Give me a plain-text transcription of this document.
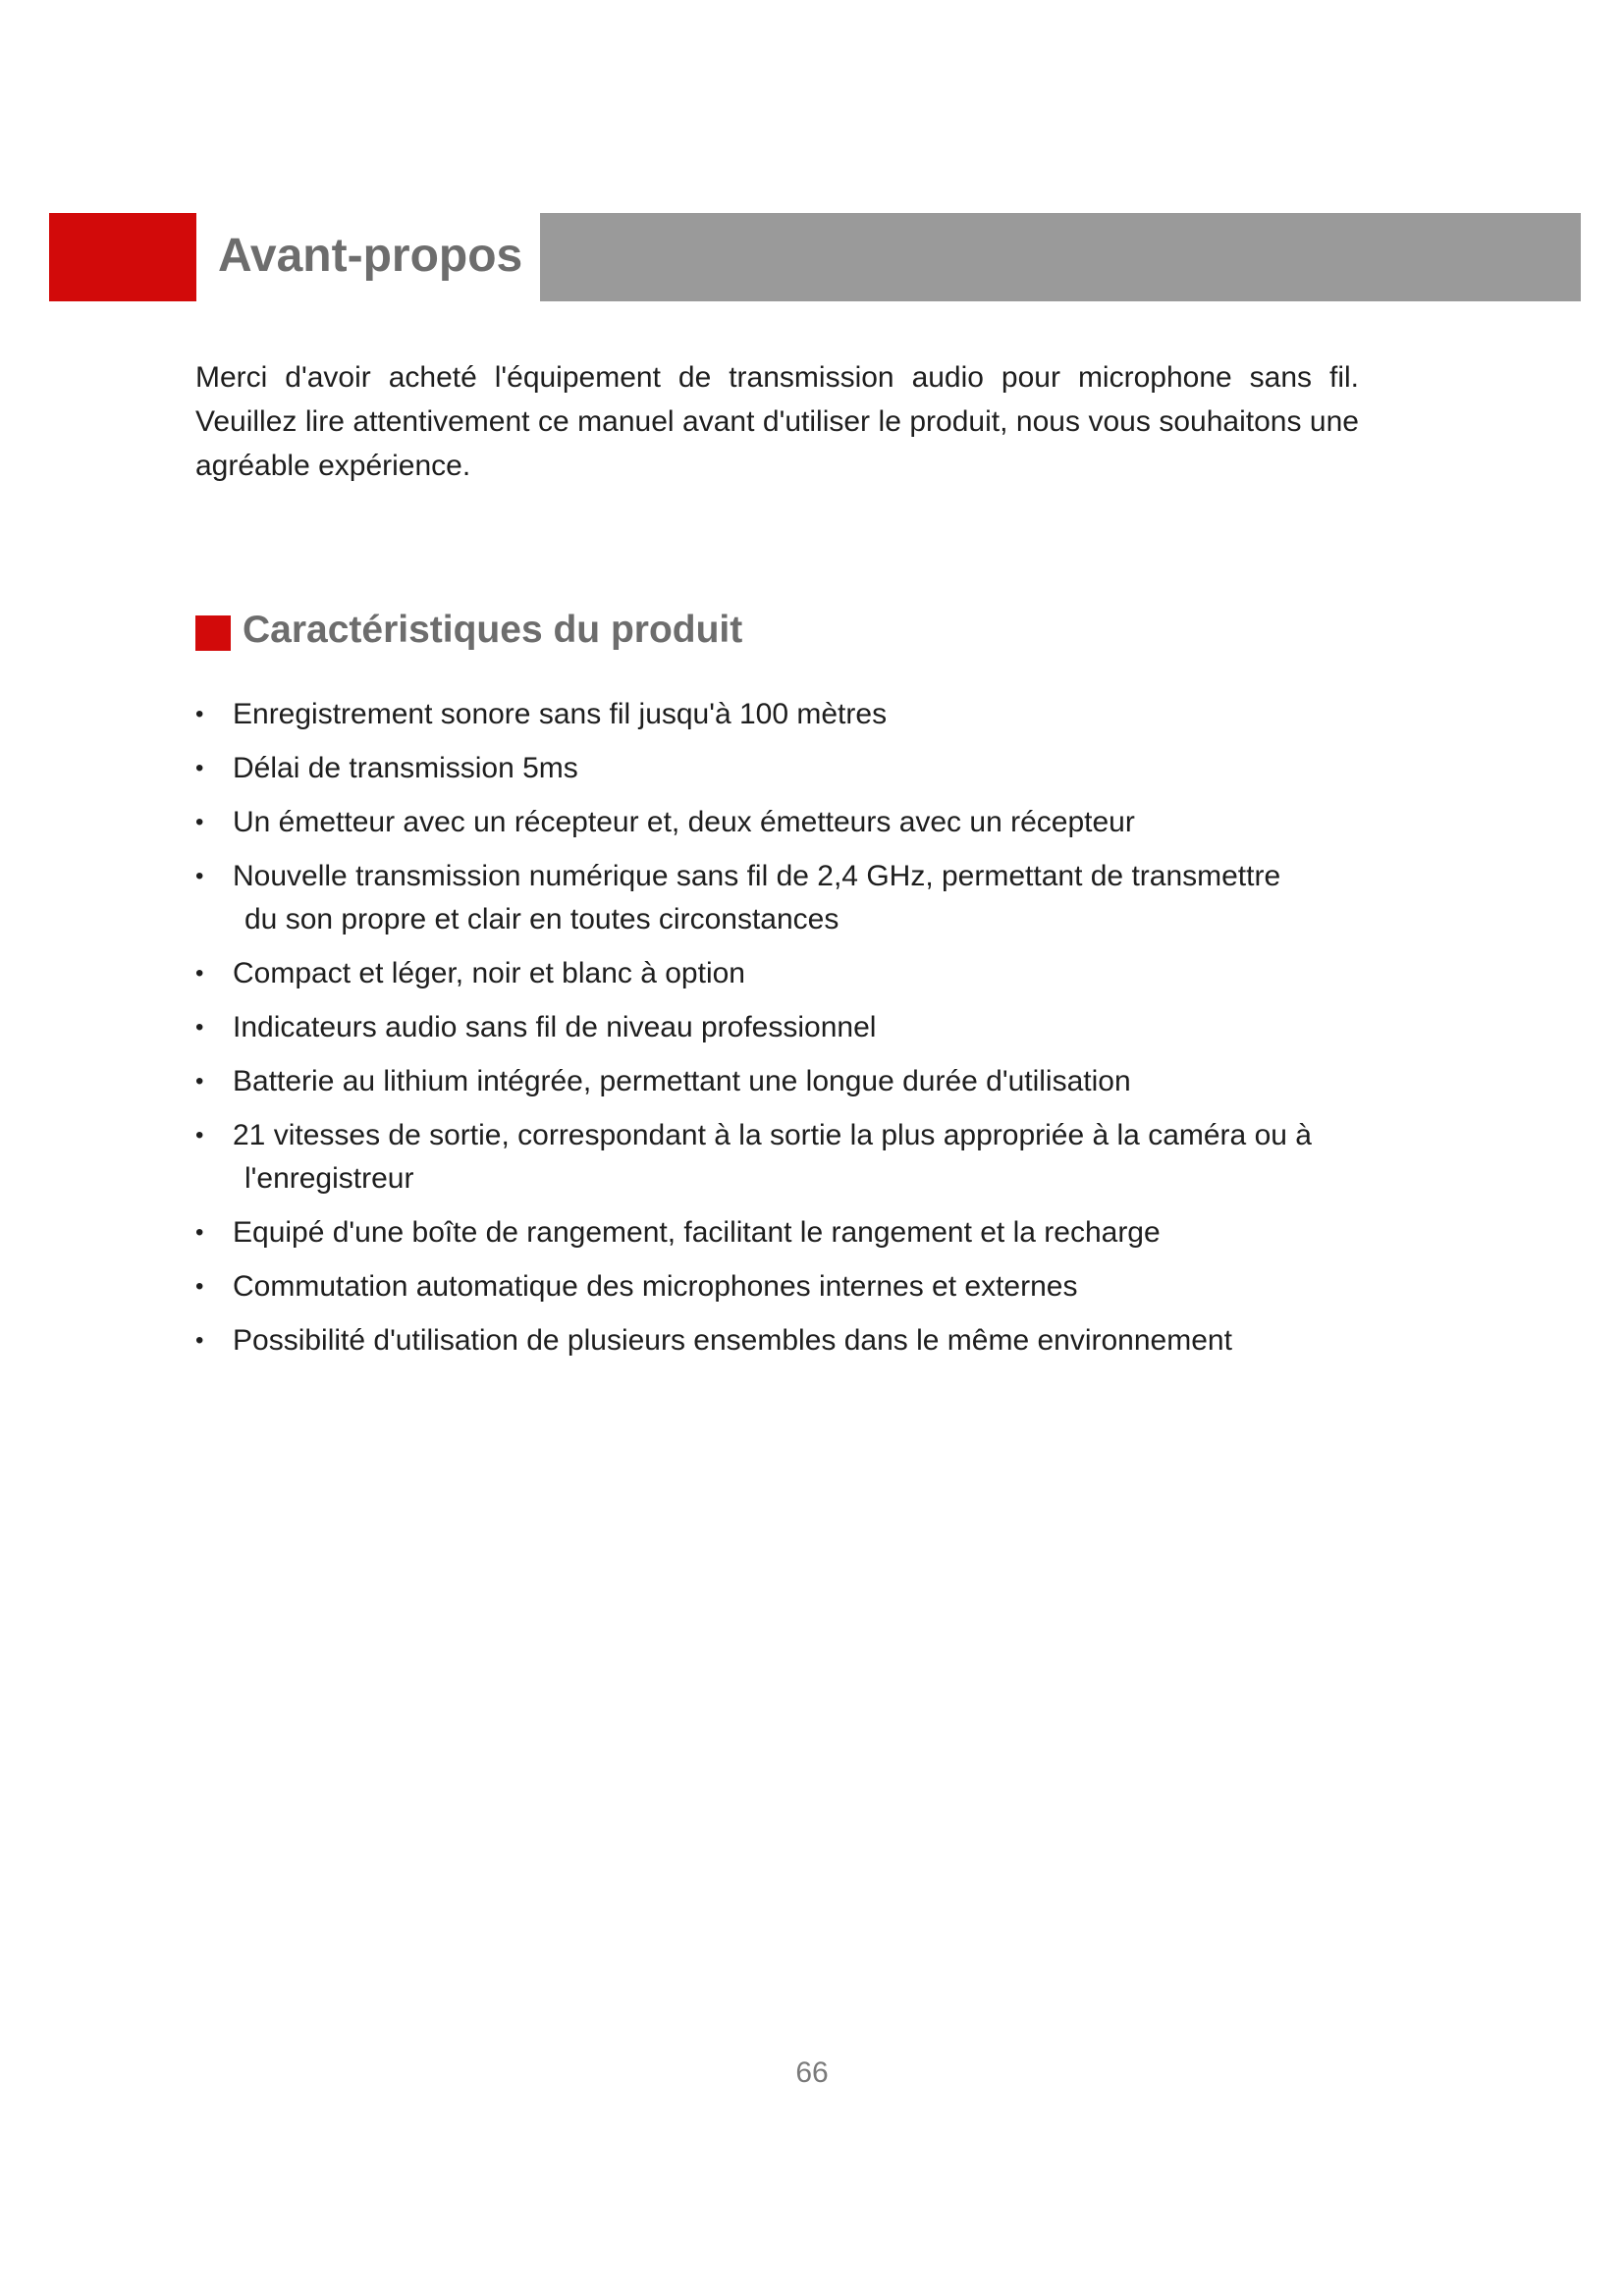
Avant-propos

Merci d'avoir acheté l'équipement de transmission audio pour microphone sans fil. Veuillez lire attentivement ce manuel avant d'utiliser le produit, nous vous souhaitons une agréable expérience.

Caractéristiques du produit
• Enregistrement sonore sans fil jusqu'à 100 mètres
• Délai de transmission 5ms
• Un émetteur avec un récepteur et, deux émetteurs avec un récepteur
• Nouvelle transmission numérique sans fil de 2,4 GHz, permettant de transmettre
du son propre et clair en toutes circonstances
• Compact et léger, noir et blanc à option
• Indicateurs audio sans fil de niveau professionnel
• Batterie au lithium intégrée, permettant une longue durée d'utilisation
• 21 vitesses de sortie, correspondant à la sortie la plus appropriée à la caméra ou à
l'enregistreur
• Equipé d'une boîte de rangement, facilitant le rangement et la recharge
• Commutation automatique des microphones internes et externes
• Possibilité d'utilisation de plusieurs ensembles dans le même environnement
66
